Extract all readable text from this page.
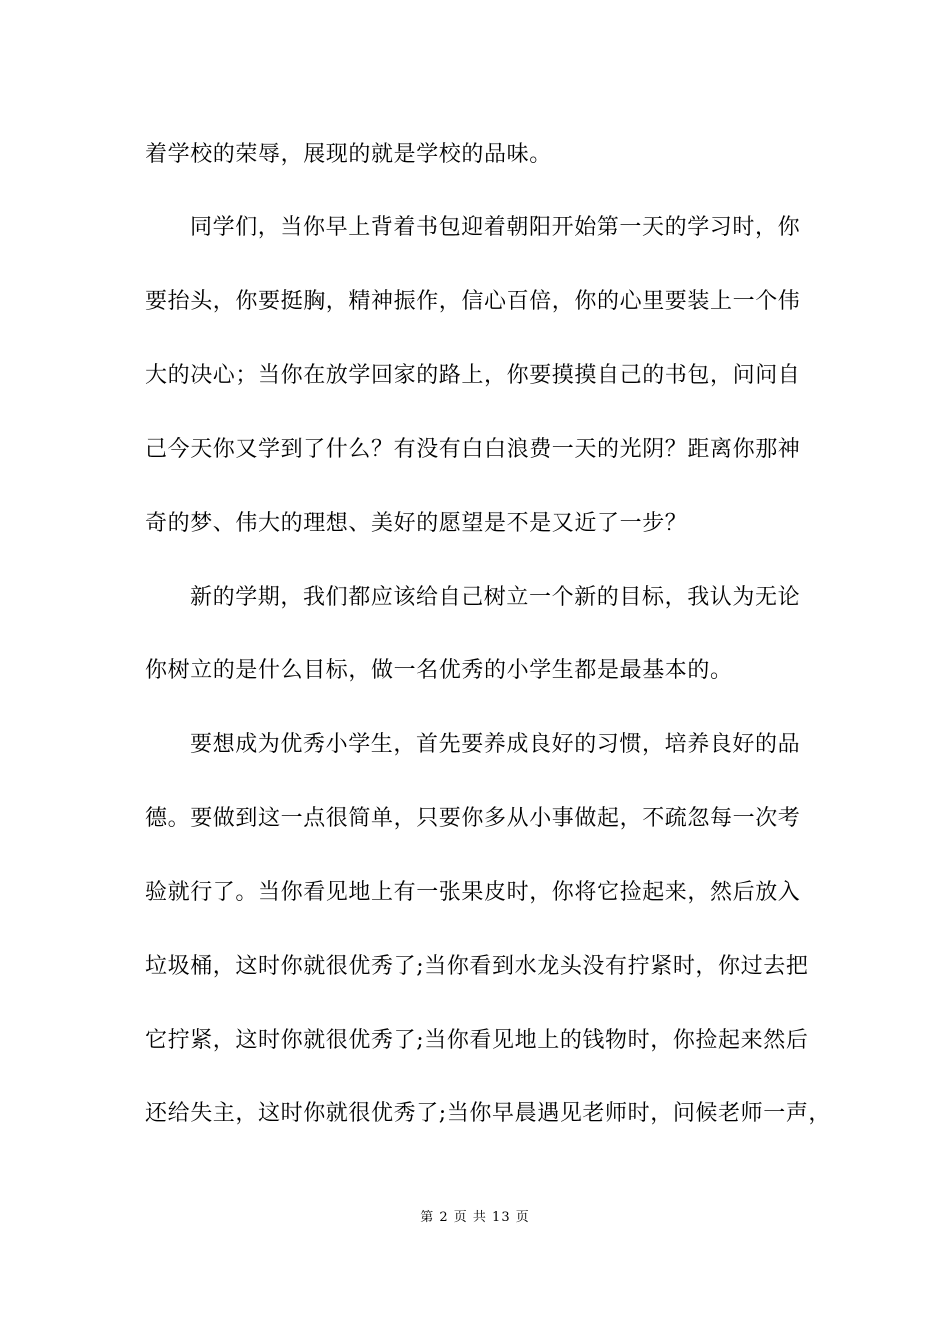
着学校的荣辱，展现的就是学校的品味。
同学们，当你早上背着书包迎着朝阳开始第一天的学习时，你
要抬头，你要挺胸，精神振作，信心百倍，你的心里要装上一个伟
大的决心；当你在放学回家的路上，你要摸摸自己的书包，问问自
己今天你又学到了什么？有没有白白浪费一天的光阴？距离你那神
奇的梦、伟大的理想、美好的愿望是不是又近了一步？
新的学期，我们都应该给自己树立一个新的目标，我认为无论
你树立的是什么目标，做一名优秀的小学生都是最基本的。
要想成为优秀小学生，首先要养成良好的习惯，培养良好的品
德。要做到这一点很简单，只要你多从小事做起，不疏忽每一次考
验就行了。当你看见地上有一张果皮时，你将它捡起来，然后放入
垃圾桶，这时你就很优秀了;当你看到水龙头没有拧紧时，你过去把
它拧紧，这时你就很优秀了;当你看见地上的钱物时，你捡起来然后
还给失主，这时你就很优秀了;当你早晨遇见老师时，问候老师一声，
第 2 页 共 13 页
